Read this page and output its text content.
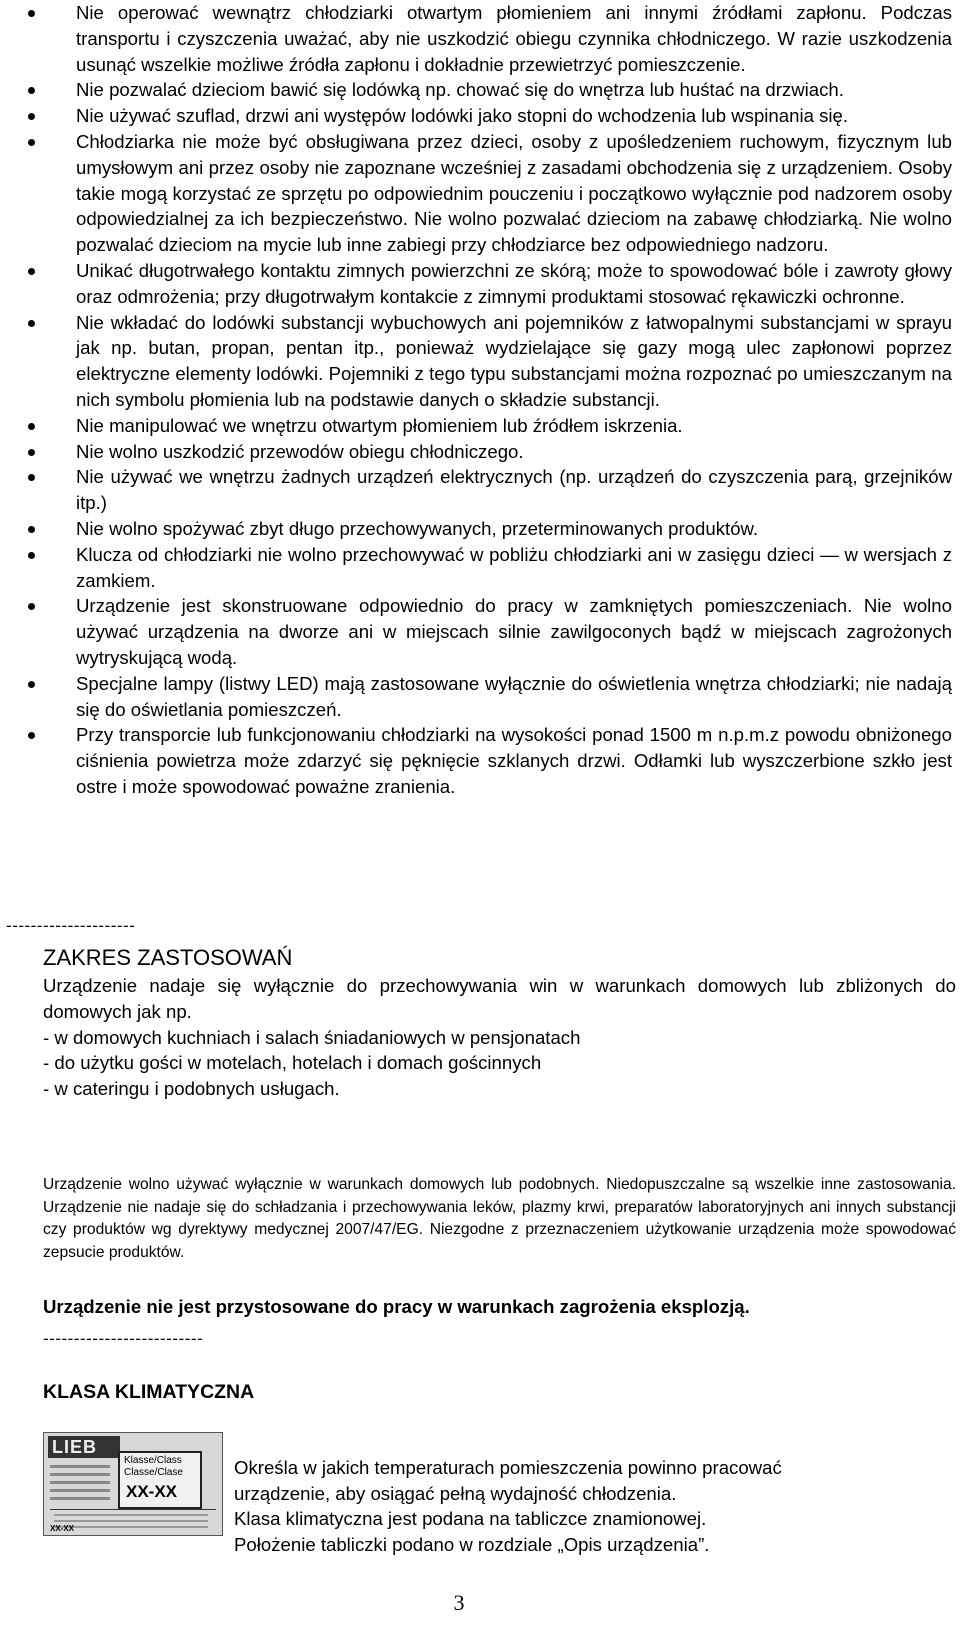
Nie operować wewnątrz chłodziarki otwartym płomieniem ani innymi źródłami zapłonu. Podczas transportu i czyszczenia uważać, aby nie uszkodzić obiegu czynnika chłodniczego. W razie uszkodzenia usunąć wszelkie możliwe źródła zapłonu i dokładnie przewietrzyć pomieszczenie.
Nie pozwalać dzieciom bawić się lodówką np. chować się do wnętrza lub huśtać na drzwiach.
Nie używać szuflad, drzwi ani występów lodówki jako stopni do wchodzenia lub wspinania się.
Chłodziarka nie może być obsługiwana przez dzieci, osoby z upośledzeniem ruchowym, fizycznym lub umysłowym ani przez osoby nie zapoznane wcześniej z zasadami obchodzenia się z urządzeniem. Osoby takie mogą korzystać ze sprzętu po odpowiednim pouczeniu i początkowo wyłącznie pod nadzorem osoby odpowiedzialnej za ich bezpieczeństwo. Nie wolno pozwalać dzieciom na zabawę chłodziarką. Nie wolno pozwalać dzieciom na mycie lub inne zabiegi przy chłodziarce bez odpowiedniego nadzoru.
Unikać długotrwałego kontaktu zimnych powierzchni ze skórą; może to spowodować bóle i zawroty głowy oraz odmrożenia; przy długotrwałym kontakcie z zimnymi produktami stosować rękawiczki ochronne.
Nie wkładać do lodówki substancji wybuchowych ani pojemników z łatwopalnymi substancjami w sprayu jak np. butan, propan, pentan itp., ponieważ wydzielające się gazy mogą ulec zapłonowi poprzez elektryczne elementy lodówki. Pojemniki z tego typu substancjami można rozpoznać po umieszczanym na nich symbolu płomienia lub na podstawie danych o składzie substancji.
Nie manipulować we wnętrzu otwartym płomieniem lub źródłem iskrzenia.
Nie wolno uszkodzić przewodów obiegu chłodniczego.
Nie używać we wnętrzu żadnych urządzeń elektrycznych (np. urządzeń do czyszczenia parą, grzejników itp.)
Nie wolno spożywać zbyt długo przechowywanych, przeterminowanych produktów.
Klucza od chłodziarki nie wolno przechowywać w pobliżu chłodziarki ani w zasięgu dzieci — w wersjach z zamkiem.
Urządzenie jest skonstruowane odpowiednio do pracy w zamkniętych pomieszczeniach. Nie wolno używać urządzenia na dworze ani w miejscach silnie zawilgoconych bądź w miejscach zagrożonych wytryskującą wodą.
Specjalne lampy (listwy LED) mają zastosowane wyłącznie do oświetlenia wnętrza chłodziarki; nie nadają się do oświetlania pomieszczeń.
Przy transporcie lub funkcjonowaniu chłodziarki na wysokości ponad 1500 m n.p.m.z powodu obniżonego ciśnienia powietrza może zdarzyć się pęknięcie szklanych drzwi. Odłamki lub wyszczerbione szkło jest ostre i może spowodować poważne zranienia.
---------------------
ZAKRES ZASTOSOWAŃ

Urządzenie nadaje się wyłącznie do przechowywania win w warunkach domowych lub zbliżonych do domowych jak np.

- w domowych kuchniach i salach śniadaniowych w pensjonatach

- do użytku gości w motelach, hotelach i domach gościnnych

- w cateringu i podobnych usługach.

Urządzenie wolno używać wyłącznie w warunkach domowych lub podobnych. Niedopuszczalne są wszelkie inne zastosowania. Urządzenie nie nadaje się do schładzania i przechowywania leków, plazmy krwi, preparatów laboratoryjnych ani innych substancji czy produktów wg dyrektywy medycznej 2007/47/EG. Niezgodne z przeznaczeniem użytkowanie urządzenia może spowodować zepsucie produktów.
Urządzenie nie jest przystosowane do pracy w warunkach zagrożenia eksplozją.
--------------------------
KLASA KLIMATYCZNA
LIEB
Klasse/Class
Classe/Clase
XX-XX
XX-XX
Określa w jakich temperaturach pomieszczenia powinno pracować
urządzenie, aby osiągać pełną wydajność chłodzenia.
Klasa klimatyczna jest podana na tabliczce znamionowej.
Położenie tabliczki podano w rozdziale „Opis urządzenia”.
3
